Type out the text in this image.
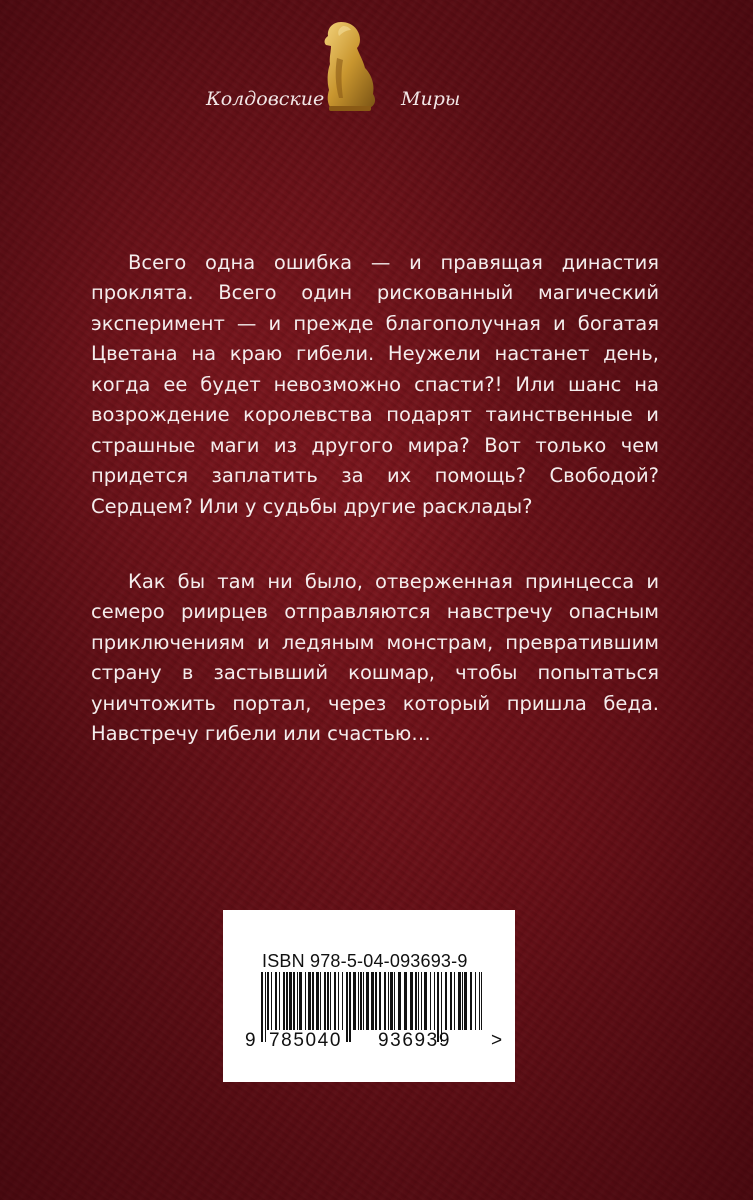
Колдовские	Миры

Всего одна ошибка — и правящая династия проклята. Всего один рискованный магический эксперимент — и прежде благополучная и богатая Цветана на краю гибели. Неужели настанет день, когда ее будет невозможно спасти?! Или шанс на возрождение королевства подарят таинственные и страшные маги из другого мира? Вот только чем придется заплатить за их помощь? Свободой? Сердцем? Или у судьбы другие расклады?

Как бы там ни было, отверженная принцесса и семеро риирцев отправляются навстречу опасным приключениям и ледяным монстрам, превратившим страну в застывший кошмар, чтобы попытаться уничтожить портал, через который пришла беда. Навстречу гибели или счастью…

ISBN 978-5-04-093693-9
9 785040 936939 >
